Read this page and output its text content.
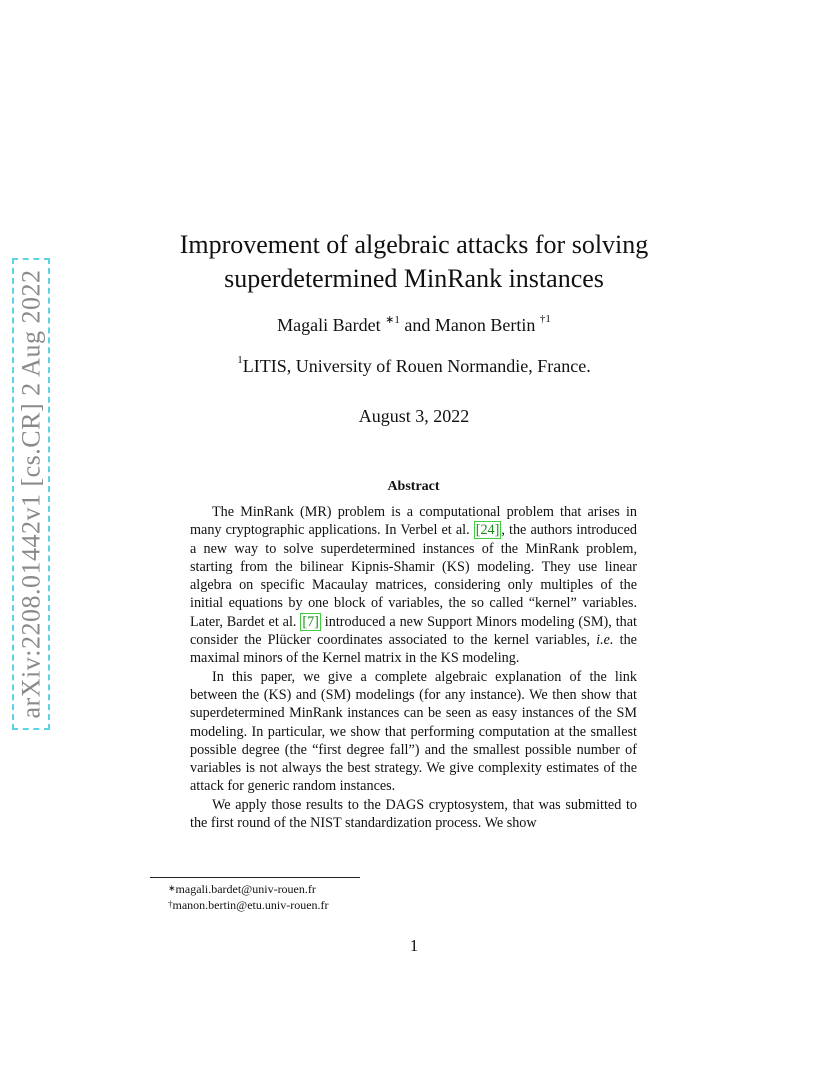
arXiv:2208.01442v1 [cs.CR] 2 Aug 2022
Improvement of algebraic attacks for solving
superdetermined MinRank instances
Magali Bardet $^{∗1}$ and Manon Bertin $^{\dagger 1}$
$^1$LITIS, University of Rouen Normandie, France.
August 3, 2022
Abstract

The MinRank (MR) problem is a computational problem that arises in many cryptographic applications. In Verbel et al. [24] , the authors introduced a new way to solve superdetermined instances of the MinRank problem, starting from the bilinear Kipnis-Shamir (KS) modeling. They use linear algebra on specific Macaulay matrices, considering only multiples of the initial equations by one block of variables, the so called “kernel” variables. Later, Bardet et al. [7] introduced a new Support Minors modeling (SM), that consider the Plücker coordinates associated to the kernel variables, i.e. the maximal minors of the Kernel matrix in the KS modeling.

In this paper, we give a complete algebraic explanation of the link between the (KS) and (SM) modelings (for any instance). We then show that superdetermined MinRank instances can be seen as easy instances of the SM modeling. In particular, we show that performing computation at the smallest possible degree (the “first degree fall”) and the smallest possible number of variables is not always the best strategy. We give complexity estimates of the attack for generic random instances.

We apply those results to the DAGS cryptosystem, that was submitted to the first round of the NIST standardization process. We show

∗magali.bardet@univ-rouen.fr
†manon.bertin@etu.univ-rouen.fr
1
